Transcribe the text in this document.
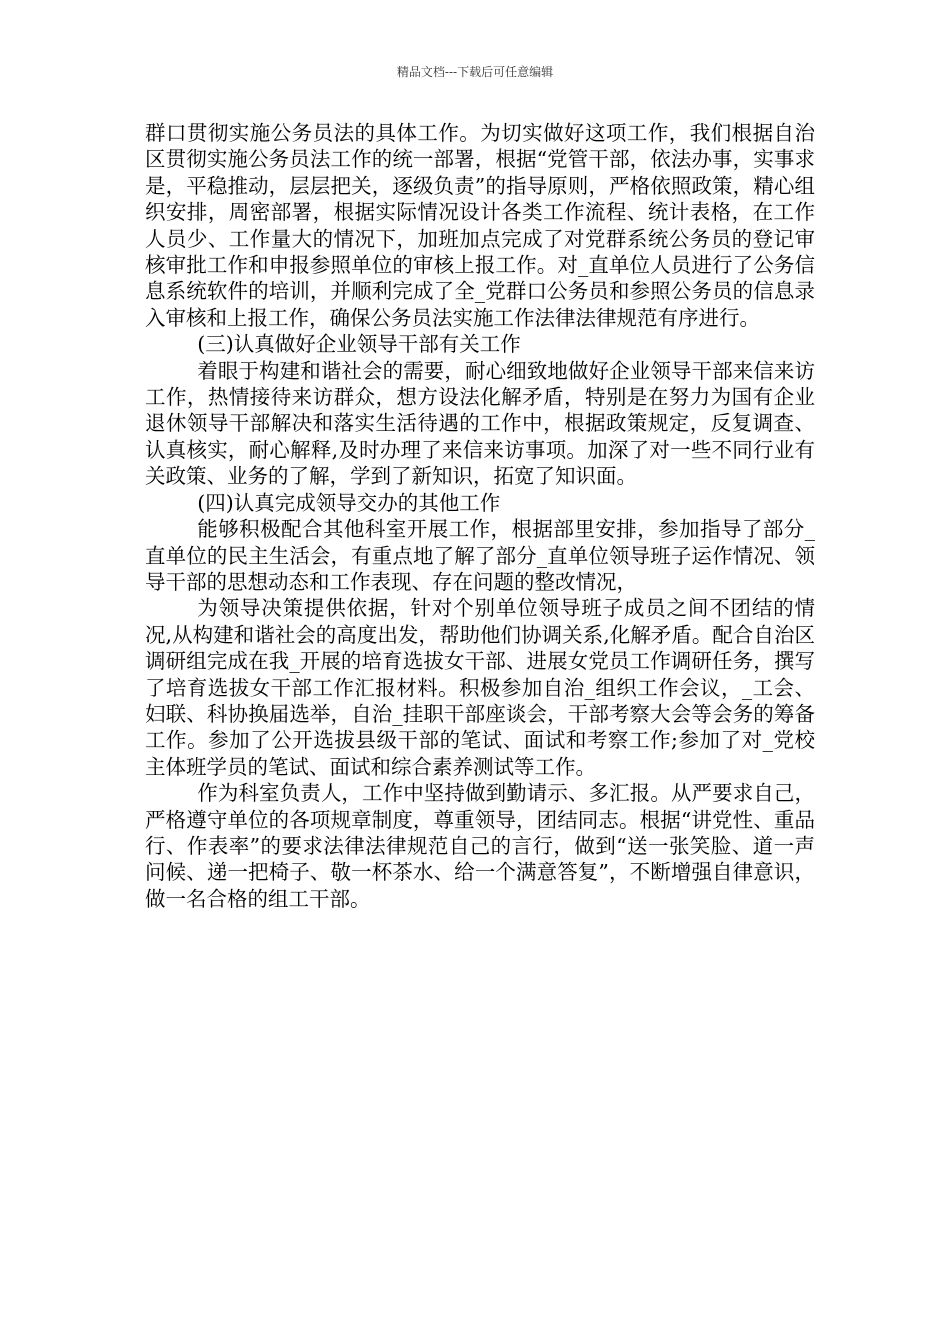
精品文档---下载后可任意编辑

群口贯彻实施公务员法的具体工作。为切实做好这项工作，我们根据自治区贯彻实施公务员法工作的统一部署，根据“党管干部，依法办事，实事求是，平稳推动，层层把关，逐级负责”的指导原则，严格依照政策，精心组织安排，周密部署，根据实际情况设计各类工作流程、统计表格，在工作人员少、工作量大的情况下，加班加点完成了对党群系统公务员的登记审核审批工作和申报参照单位的审核上报工作。对_直单位人员进行了公务信息系统软件的培训，并顺利完成了全_党群口公务员和参照公务员的信息录入审核和上报工作，确保公务员法实施工作法律法律规范有序进行。

(三)认真做好企业领导干部有关工作

着眼于构建和谐社会的需要，耐心细致地做好企业领导干部来信来访工作，热情接待来访群众，想方设法化解矛盾，特别是在努力为国有企业退休领导干部解决和落实生活待遇的工作中，根据政策规定，反复调查、认真核实，耐心解释,及时办理了来信来访事项。加深了对一些不同行业有关政策、业务的了解，学到了新知识，拓宽了知识面。

(四)认真完成领导交办的其他工作

能够积极配合其他科室开展工作，根据部里安排，参加指导了部分_直单位的民主生活会，有重点地了解了部分_直单位领导班子运作情况、领导干部的思想动态和工作表现、存在问题的整改情况，

为领导决策提供依据，针对个别单位领导班子成员之间不团结的情况,从构建和谐社会的高度出发，帮助他们协调关系,化解矛盾。配合自治区调研组完成在我_开展的培育选拔女干部、进展女党员工作调研任务，撰写了培育选拔女干部工作汇报材料。积极参加自治_组织工作会议，_工会、妇联、科协换届选举，自治_挂职干部座谈会，干部考察大会等会务的筹备工作。参加了公开选拔县级干部的笔试、面试和考察工作;参加了对_党校主体班学员的笔试、面试和综合素养测试等工作。

作为科室负责人，工作中坚持做到勤请示、多汇报。从严要求自己，严格遵守单位的各项规章制度，尊重领导，团结同志。根据“讲党性、重品行、作表率”的要求法律法律规范自己的言行，做到“送一张笑脸、道一声问候、递一把椅子、敬一杯茶水、给一个满意答复”，不断增强自律意识，做一名合格的组工干部。
